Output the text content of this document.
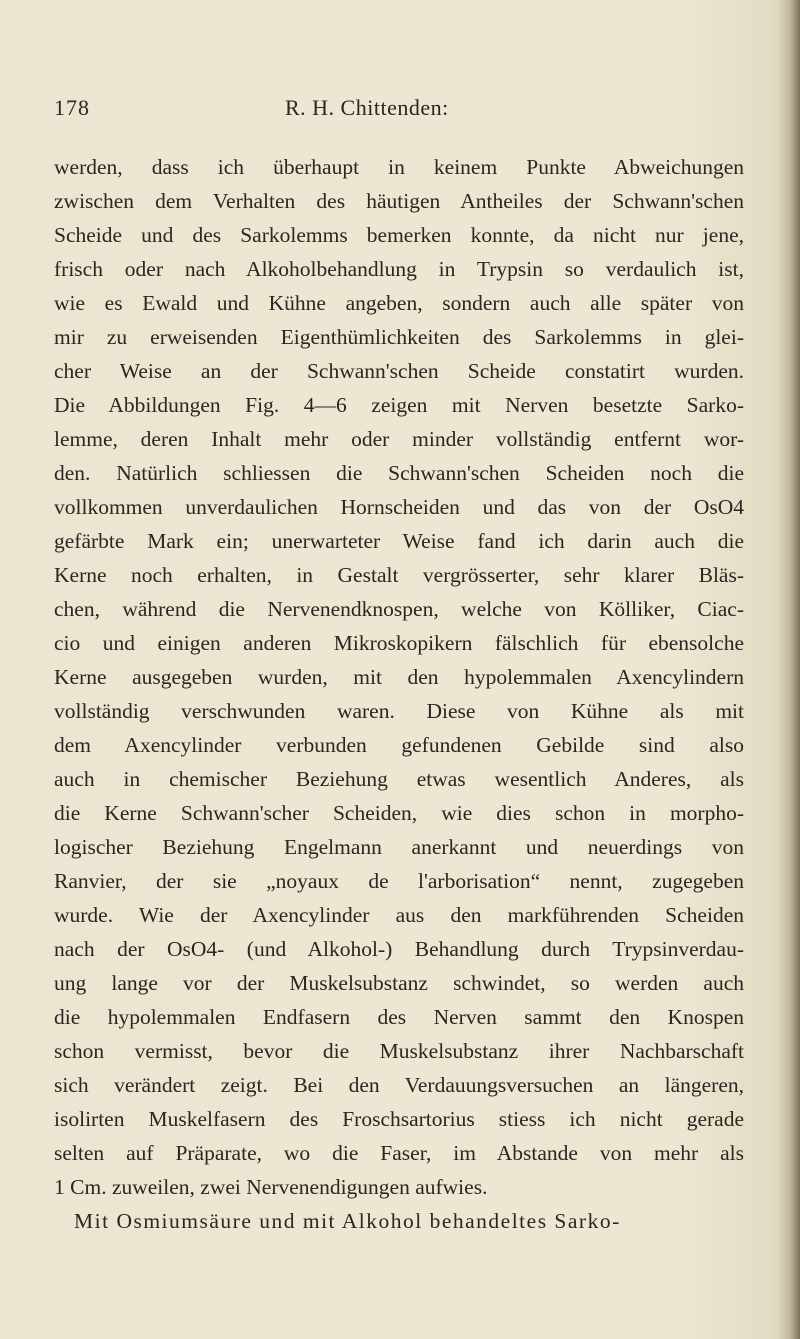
178	R. H. Chittenden:
werden, dass ich überhaupt in keinem Punkte Abweichungen
zwischen dem Verhalten des häutigen Antheiles der Schwann'schen
Scheide und des Sarkolemms bemerken konnte, da nicht nur jene,
frisch oder nach Alkoholbehandlung in Trypsin so verdaulich ist,
wie es Ewald und Kühne angeben, sondern auch alle später von
mir zu erweisenden Eigenthümlichkeiten des Sarkolemms in glei-
cher Weise an der Schwann'schen Scheide constatirt wurden.
Die Abbildungen Fig. 4—6 zeigen mit Nerven besetzte Sarko-
lemme, deren Inhalt mehr oder minder vollständig entfernt wor-
den. Natürlich schliessen die Schwann'schen Scheiden noch die
vollkommen unverdaulichen Hornscheiden und das von der OsO4
gefärbte Mark ein; unerwarteter Weise fand ich darin auch die
Kerne noch erhalten, in Gestalt vergrösserter, sehr klarer Bläs-
chen, während die Nervenendknospen, welche von Kölliker, Ciac-
cio und einigen anderen Mikroskopikern fälschlich für ebensolche
Kerne ausgegeben wurden, mit den hypolemmalen Axencylindern
vollständig verschwunden waren. Diese von Kühne als mit
dem Axencylinder verbunden gefundenen Gebilde sind also
auch in chemischer Beziehung etwas wesentlich Anderes, als
die Kerne Schwann'scher Scheiden, wie dies schon in morpho-
logischer Beziehung Engelmann anerkannt und neuerdings von
Ranvier, der sie „noyaux de l'arborisation“ nennt, zugegeben
wurde. Wie der Axencylinder aus den markführenden Scheiden
nach der OsO4- (und Alkohol-) Behandlung durch Trypsinverdau-
ung lange vor der Muskelsubstanz schwindet, so werden auch
die hypolemmalen Endfasern des Nerven sammt den Knospen
schon vermisst, bevor die Muskelsubstanz ihrer Nachbarschaft
sich verändert zeigt. Bei den Verdauungsversuchen an längeren,
isolirten Muskelfasern des Froschsartorius stiess ich nicht gerade
selten auf Präparate, wo die Faser, im Abstande von mehr als
1 Cm. zuweilen, zwei Nervenendigungen aufwies.
Mit Osmiumsäure und mit Alkohol behandeltes Sarko-
